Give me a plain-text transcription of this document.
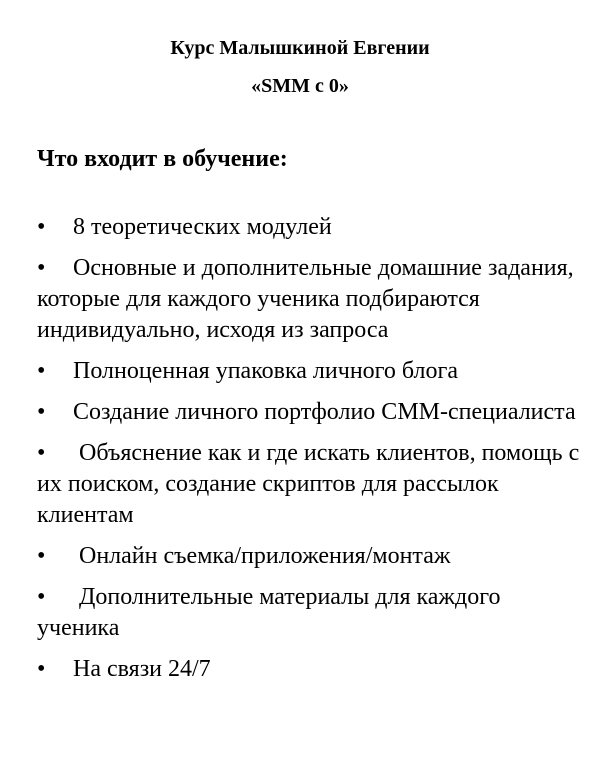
Курс Малышкиной Евгении
«SMM с 0»
Что входит в обучение:
• 8 теоретических модулей
• Основные и дополнительные домашние задания, которые для каждого ученика подбираются индивидуально, исходя из запроса
• Полноценная упаковка личного блога
• Создание личного портфолио СММ-специалиста
• Объяснение как и где искать клиентов, помощь с их поиском, создание скриптов для рассылок клиентам
• Онлайн съемка/приложения/монтаж
• Дополнительные материалы для каждого ученика
• На связи 24/7
